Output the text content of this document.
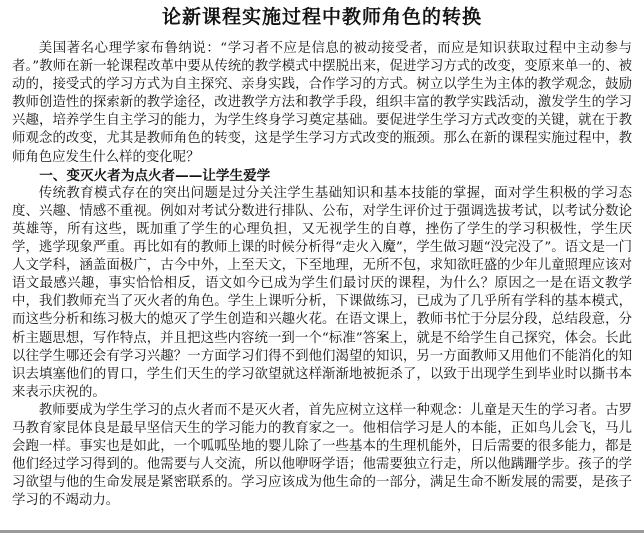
论新课程实施过程中教师角色的转换

美国著名心理学家布鲁纳说：“学习者不应是信息的被动接受者，而应是知识获取过程中主动参与者。”教师在新一轮课程改革中要从传统的教学模式中摆脱出来，促进学习方式的改变，变原来单一的、被动的，接受式的学习方式为自主探究、亲身实践，合作学习的方式。树立以学生为主体的教学观念，鼓励教师创造性的探索新的教学途径，改进教学方法和教学手段，组织丰富的教学实践活动，激发学生的学习兴趣，培养学生自主学习的能力，为学生终身学习奠定基础。要促进学生学习方式改变的关键，就在于教师观念的改变，尤其是教师角色的转变，这是学生学习方式改变的瓶颈。那么在新的课程实施过程中，教师角色应发生什么样的变化呢？

一、变灭火者为点火者——让学生爱学

传统教育模式存在的突出问题是过分关注学生基础知识和基本技能的掌握，面对学生积极的学习态度、兴趣、情感不重视。例如对考试分数进行排队、公布，对学生评价过于强调选拔考试，以考试分数论英雄等，所有这些，既加重了学生的心理负担，又无视学生的自尊，挫伤了学生的学习积极性，学生厌学，逃学现象严重。再比如有的教师上课的时候分析得“走火入魔”，学生做习题“没完没了”。语文是一门人文学科，涵盖面极广，古今中外，上至天文，下至地理，无所不包，求知欲旺盛的少年儿童照理应该对语文最感兴趣，事实恰恰相反，语文如今已成为学生们最讨厌的课程，为什么？原因之一是在语文教学中，我们教师充当了灭火者的角色。学生上课听分析，下课做练习，已成为了几乎所有学科的基本模式，而这些分析和练习极大的熄灭了学生创造和兴趣火花。在语文课上，教师书忙于分层分段，总结段意，分析主题思想，写作特点，并且把这些内容统一到一个“标准”答案上，就是不给学生自己探究，体会。长此以往学生哪还会有学习兴趣？一方面学习们得不到他们渴望的知识，另一方面教师又用他们不能消化的知识去填塞他们的胃口，学生们天生的学习欲望就这样渐渐地被扼杀了，以致于出现学生到毕业时以撕书本来表示庆祝的。

教师要成为学生学习的点火者而不是灭火者，首先应树立这样一种观念：儿童是天生的学习者。古罗马教育家昆体良是最早坚信天生的学习能力的教育家之一。他相信学习是人的本能，正如鸟儿会飞，马儿会跑一样。事实也是如此，一个呱呱坠地的婴儿除了一些基本的生理机能外，日后需要的很多能力，都是他们经过学习得到的。他需要与人交流，所以他咿呀学语；他需要独立行走，所以他蹒跚学步。孩子的学习欲望与他的生命发展是紧密联系的。学习应该成为他生命的一部分，满足生命不断发展的需要，是孩子学习的不竭动力。
